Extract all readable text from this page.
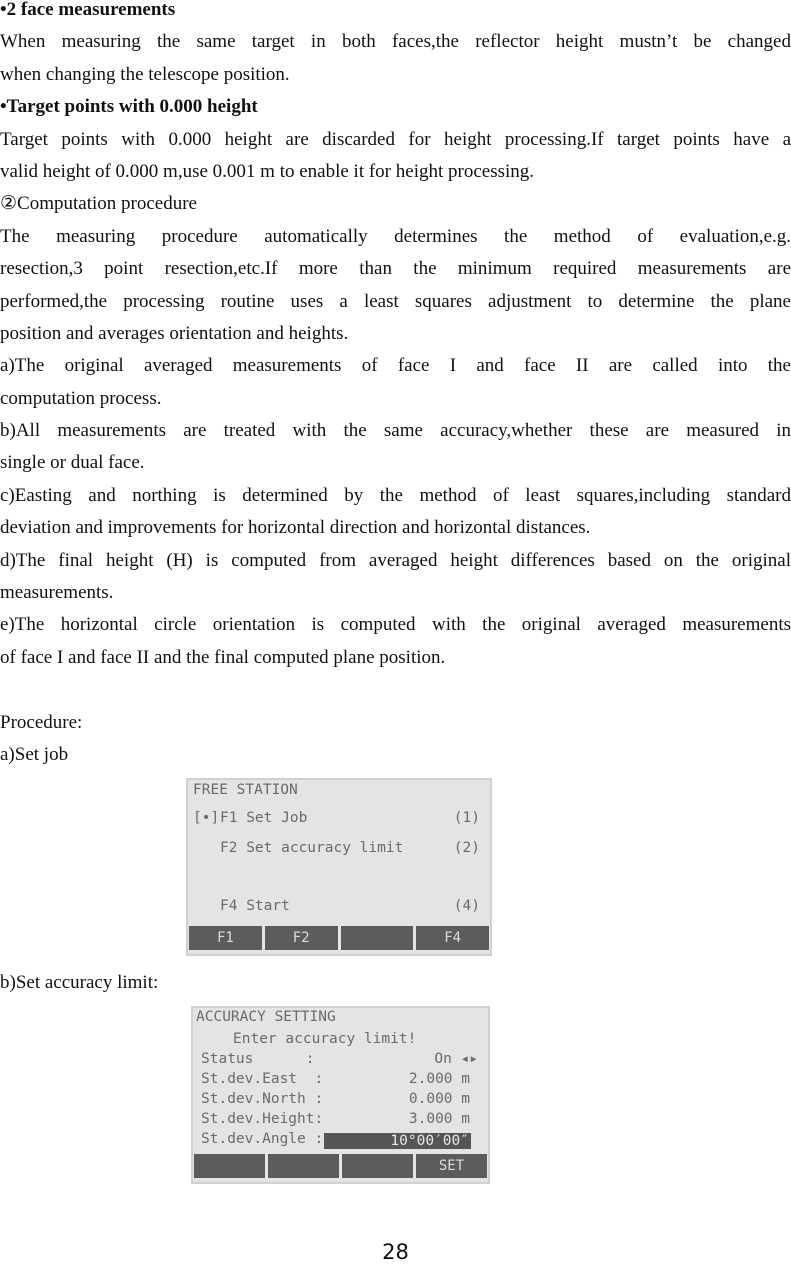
•2 face measurements
When measuring the same target in both faces,the reflector height mustn’t be changed
when changing the telescope position.
•Target points with 0.000 height
Target points with 0.000 height are discarded for height processing.If target points have a
valid height of 0.000 m,use 0.001 m to enable it for height processing.
②Computation procedure
The measuring procedure automatically determines the method of evaluation,e.g.
resection,3 point resection,etc.If more than the minimum required measurements are
performed,the processing routine uses a least squares adjustment to determine the plane
position and averages orientation and heights.
a)The original averaged measurements of face I and face II are called into the
computation process.
b)All measurements are treated with the same accuracy,whether these are measured in
single or dual face.
c)Easting and northing is determined by the method of least squares,including standard
deviation and improvements for horizontal direction and horizontal distances.
d)The final height (H) is computed from averaged height differences based on the original
measurements.
e)The horizontal circle orientation is computed with the original averaged measurements
of face I and face II and the final computed plane position.
Procedure:
a)Set job
FREE STATION
[•] F1 Set Job	(1)
F2 Set accuracy limit	(2)
F4 Start	(4)
F1	F2	F4
b)Set accuracy limit:
ACCURACY SETTING
Enter accuracy limit!
Status      :	On ◂▸
St.dev.East  :	2.000 m
St.dev.North :	0.000 m
St.dev.Height:	3.000 m
St.dev.Angle :	10°00′00″
SET
28
